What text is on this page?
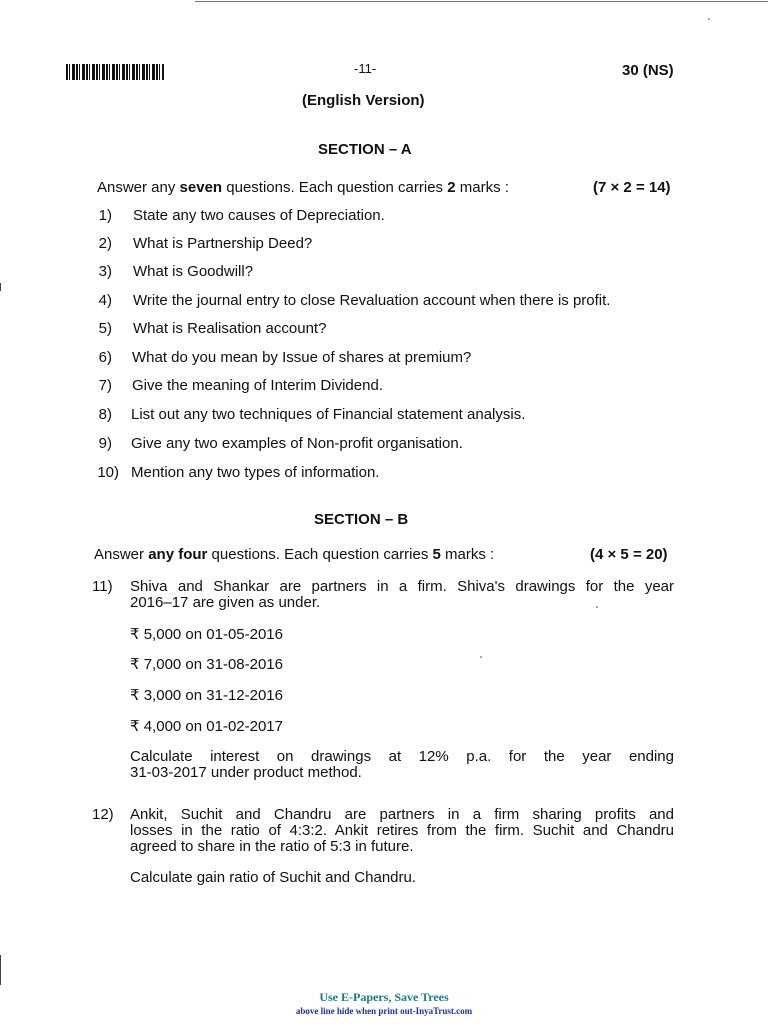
-11-	30 (NS)
(English Version)
SECTION – A
Answer any seven questions. Each question carries 2 marks :	(7 × 2 = 14)
1) State any two causes of Depreciation.
2) What is Partnership Deed?
3) What is Goodwill?
4) Write the journal entry to close Revaluation account when there is profit.
5) What is Realisation account?
6) What do you mean by Issue of shares at premium?
7) Give the meaning of Interim Dividend.
8) List out any two techniques of Financial statement analysis.
9) Give any two examples of Non-profit organisation.
10) Mention any two types of information.
SECTION – B
Answer any four questions. Each question carries 5 marks :	(4 × 5 = 20)
11) Shiva and Shankar are partners in a firm. Shiva's drawings for the year
2016–17 are given as under.
₹ 5,000 on 01-05-2016
₹ 7,000 on 31-08-2016
₹ 3,000 on 31-12-2016
₹ 4,000 on 01-02-2017
Calculate interest on drawings at 12% p.a. for the year ending
31-03-2017 under product method.
12) Ankit, Suchit and Chandru are partners in a firm sharing profits and
losses in the ratio of 4:3:2. Ankit retires from the firm. Suchit and Chandru
agreed to share in the ratio of 5:3 in future.
Calculate gain ratio of Suchit and Chandru.
Use E-Papers, Save Trees
above line hide when print out-InyaTrust.com
